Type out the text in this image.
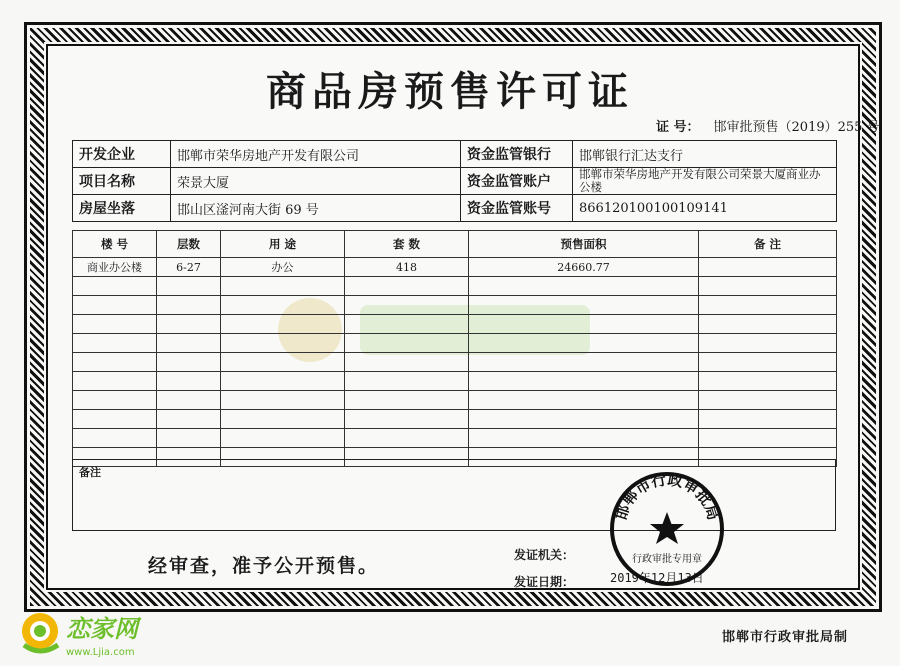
商品房预售许可证
证 号： 邯审批预售（2019）255 号
开发企业	邯郸市荣华房地产开发有限公司	资金监管银行	邯郸银行汇达支行
项目名称	荣景大厦	资金监管账户	邯郸市荣华房地产开发有限公司荣景大厦商业办公楼
房屋坐落	邯山区滏河南大街 69 号	资金监管账号	866120100100109141
楼 号	层数	用 途	套 数	预售面积	备 注
商业办公楼	6-27	办公	418	24660.77	

备注
经审查，准予公开预售。	发证机关：
发证日期：	2019年12月13日
邯郸市行政审批局
行政审批专用章
邯郸市行政审批局制
恋家网
www.Ljia.com
